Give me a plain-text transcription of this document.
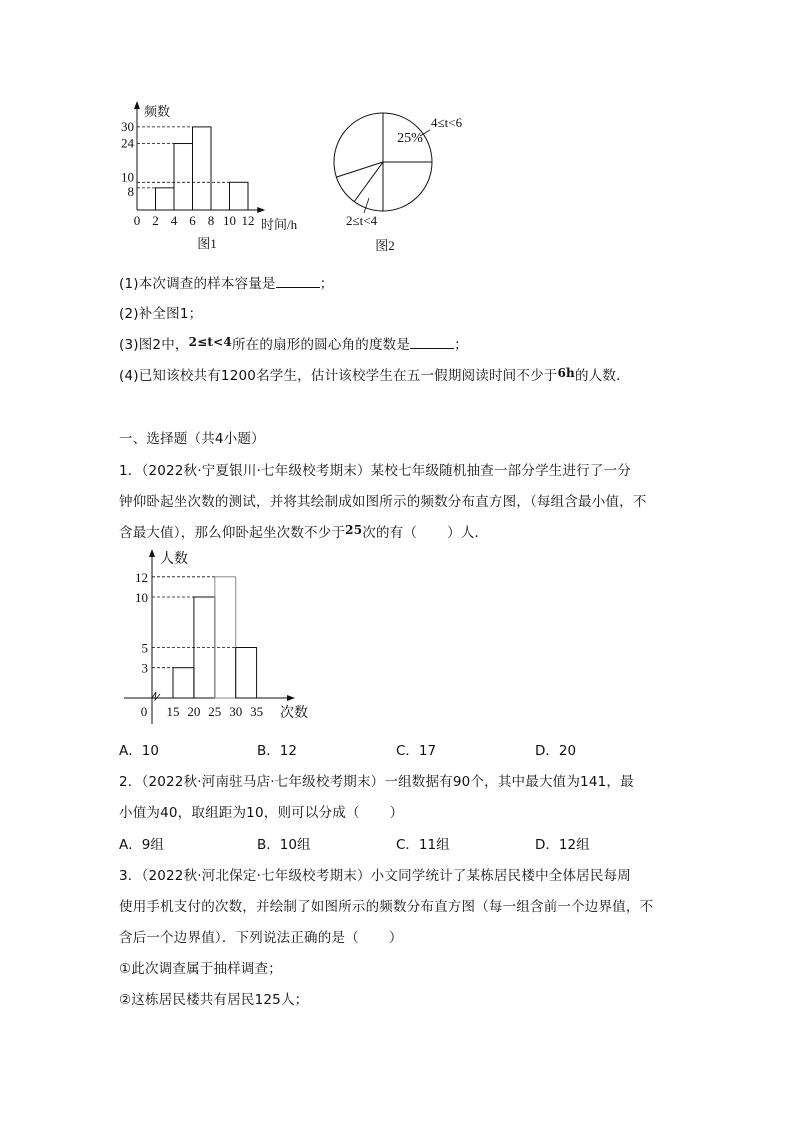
0 2 4 6 8 10 12
8
10
24
30
频数
时间/h
图1
25%
4≤t<6
2≤t<4
图2
(1)本次调查的样本容量是	；
(2)补全图1；
(3)图2中，2≤t<4所在的扇形的圆心角的度数是	；
(4)已知该校共有1200名学生，估计该校学生在五一假期阅读时间不少于6h的人数．
一、选择题（共4小题）
1．（2022秋·宁夏银川·七年级校考期末）某校七年级随机抽查一部分学生进行了一分
钟仰卧起坐次数的测试，并将其绘制成如图所示的频数分布直方图，（每组含最小值，不
含最大值），那么仰卧起坐次数不少于25次的有（ ）人．
0 15 20 25 30 35
3
5
10
12
人数
次数
A．10	B．12	C．17	D．20
2．（2022秋·河南驻马店·七年级校考期末）一组数据有90个，其中最大值为141，最
小值为40，取组距为10，则可以分成（ ）
A．9组	B．10组	C．11组	D．12组
3．（2022秋·河北保定·七年级校考期末）小文同学统计了某栋居民楼中全体居民每周
使用手机支付的次数，并绘制了如图所示的频数分布直方图（每一组含前一个边界值，不
含后一个边界值）．下列说法正确的是（ ）
①此次调查属于抽样调查；
②这栋居民楼共有居民125人；
